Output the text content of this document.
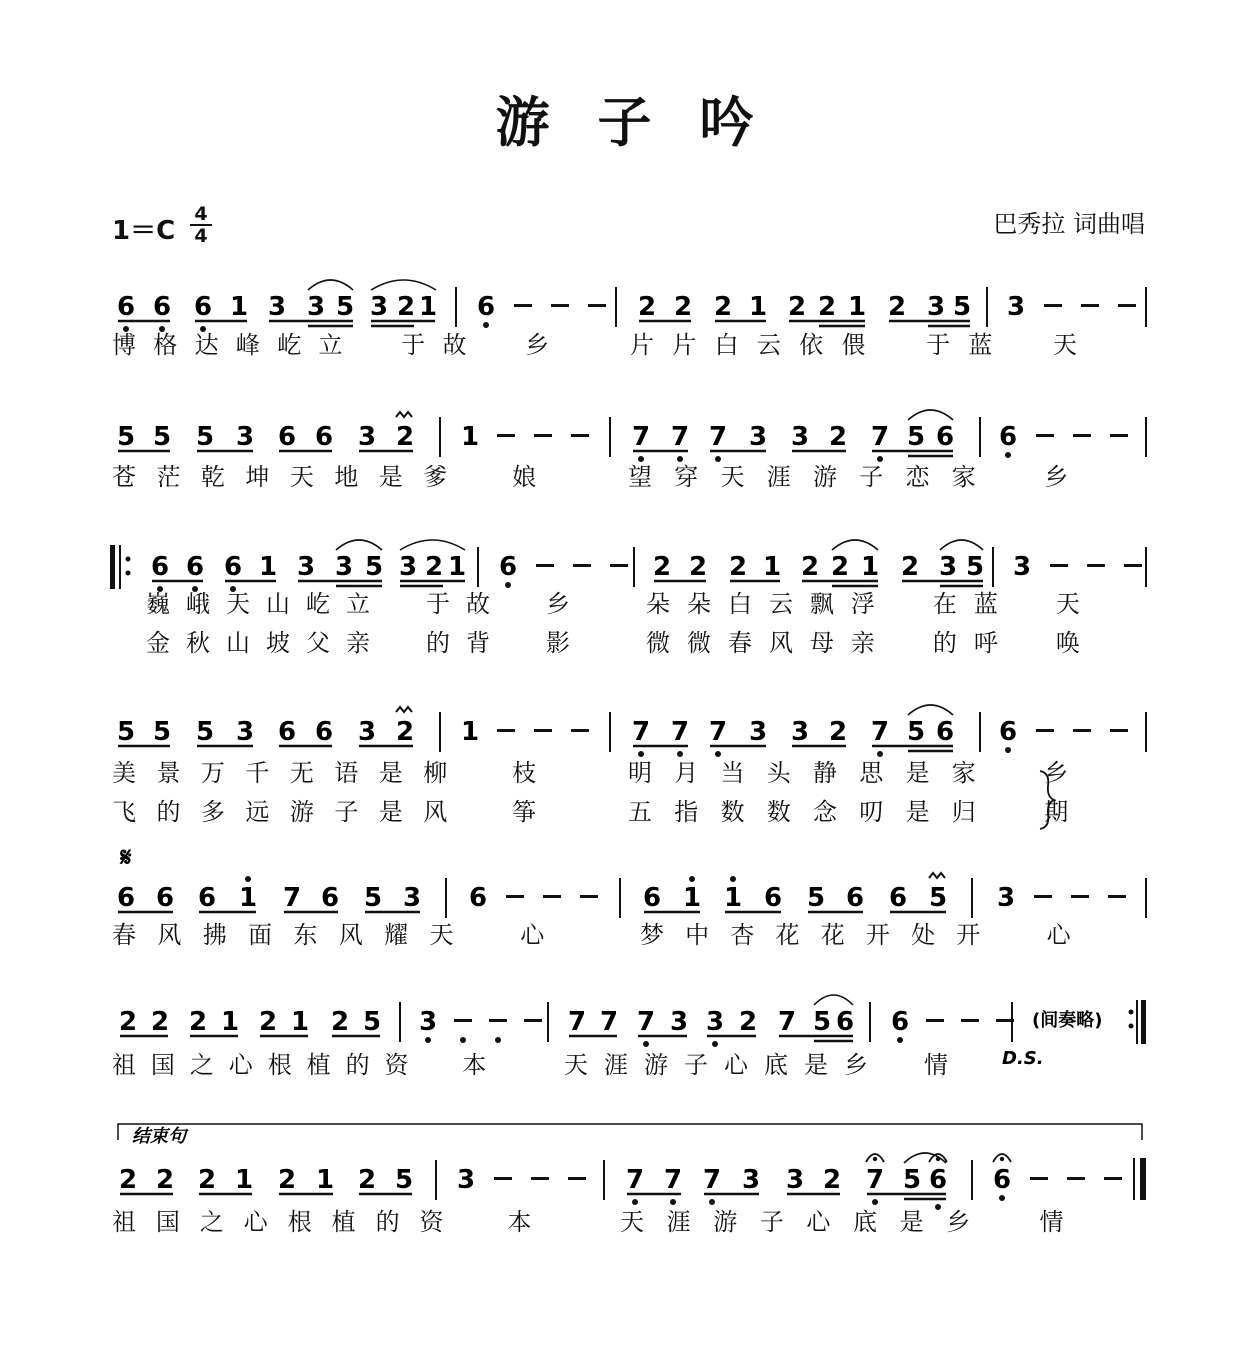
游子吟
1＝C
4
4	巴秀拉 词曲唱
6 6 6 1 3 3 5 3 2 1 6	2 2 2 1 2 2 1 2 3 5 3
博 格 达 峰 屹 立 于 故 乡	片 片 白 云 依 偎	于 蓝	天
5 5 5 3 6 6 3 2 1	7 7 7 3 3 2 7 5 6 6
苍 茫 乾 坤 天 地 是 爹	娘	望 穿 天 涯 游 子 恋 家	乡
6 6 6 1 3 3 5 3 2 1 6	2 2 2 1 2 2 1 2 3 5 3
巍 峨 天 山 屹 立 于 故 乡	朵 朵 白 云 飘 浮 在 蓝 天
金 秋 山 坡 父 亲 的 背 影	微 微 春 风 母 亲 的 呼 唤
5 5 5 3 6 6 3 2 1	7 7 7 3 3 2 7 5 6 6
𝄋
美 景 万 千 无 语 是 柳	枝	明 月 当 头 静 思 是 家	乡
飞 的 多 远 游 子 是 风	筝	五 指 数 数 念 叨 是 归	期
6 6 6 1 7 6 5 3 6	6 1 1 6 5 6 6 5 3
春 风 拂 面 东 风 耀 天	心	梦 中 杏 花 花 开 处 开	心
2 2 2 1 2 1 2 5 3	7 7 7 3 3 2 7 5 6 6	(间奏略)
D.S.
祖 国 之 心 根 植 的 资 本	天 涯 游 子 心 底 是 乡 情
2 2 2 1 2 1 2 5 3	7 7 7 3 3 2 7 5 6 6
结束句
祖 国 之 心 根 植 的 资	本	天 涯 游 子 心 底 是 乡	情
